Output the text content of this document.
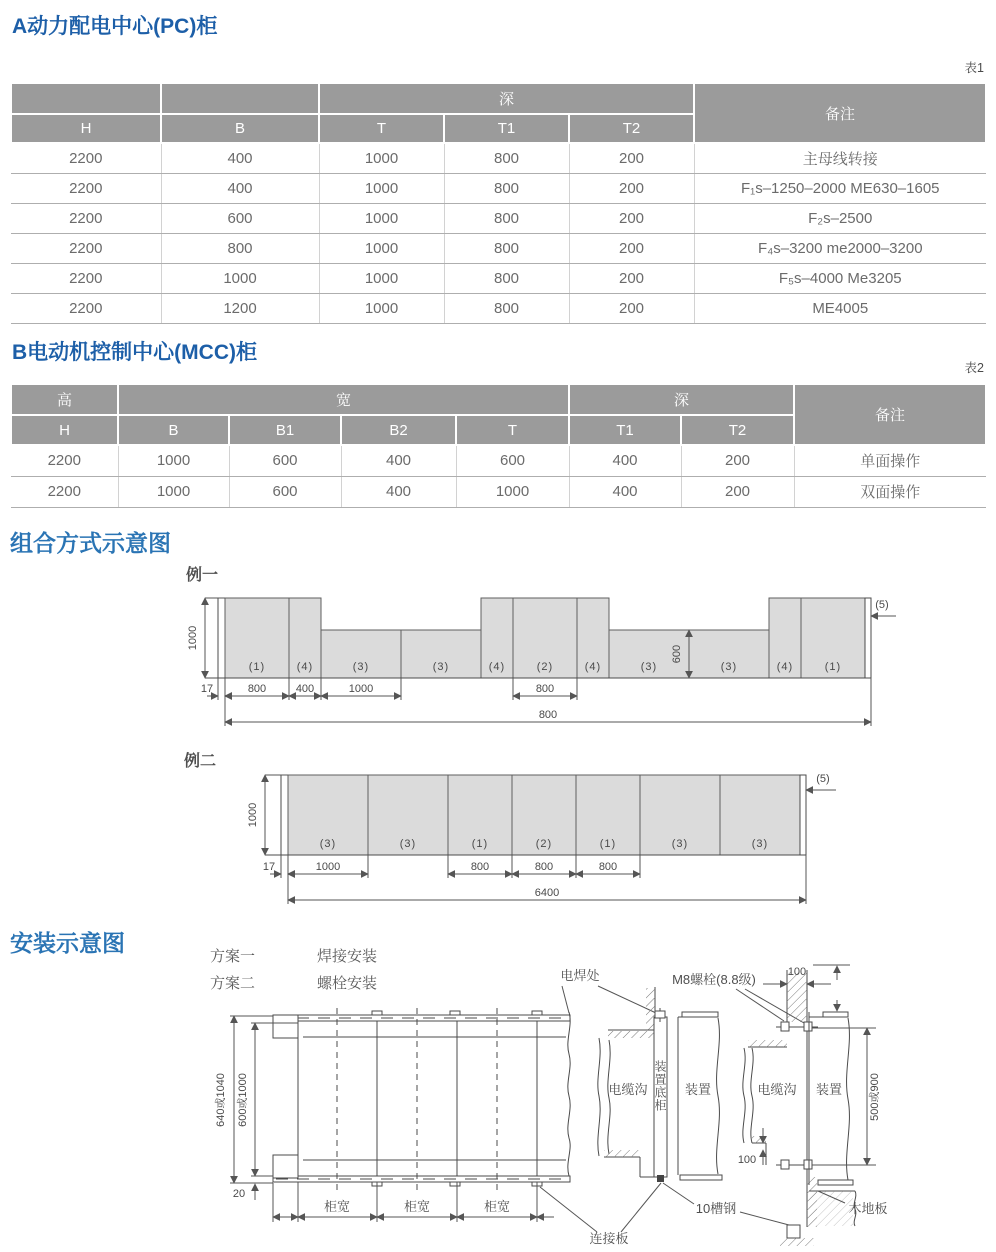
A动力配电中心(PC)柜
表1
		深			备注
H	B	T	T1	T2	
2200	400	1000	800	200	主母线转接
2200	400	1000	800	200	F₁s–1250–2000 ME630–1605
2200	600	1000	800	200	F₂s–2500
2200	800	1000	800	200	F₄s–3200 me2000–3200
2200	1000	1000	800	200	F₅s–4000 Me3205
2200	1200	1000	800	200	ME4005
B电动机控制中心(MCC)柜
表2
高	宽				深		备注
H	B	B1	B2	T	T1	T2	
2200	1000	600	400	600	400	200	单面操作
2200	1000	600	400	1000	400	200	双面操作
组合方式示意图
例一
(1)	(4)	(3)	(3)	(4)	(2)	(4)	(3)	(3)	(4)	(1)
1000
17	800	400	1000	800
600
800
(5)
例二
(3)	(3)	(1)	(2)	(1)	(3)	(3)
1000
17	1000	800	800	800
6400
(5)
安装示意图
方案一	焊接安装
方案二	螺栓安装
640或1040 600或1000
20
柜宽	柜宽	柜宽
电焊处
电缆沟 装置底柜 装置
M8螺栓(8.8级)	100
电缆沟
100
装置 500或900
连接板
10槽钢	木地板
